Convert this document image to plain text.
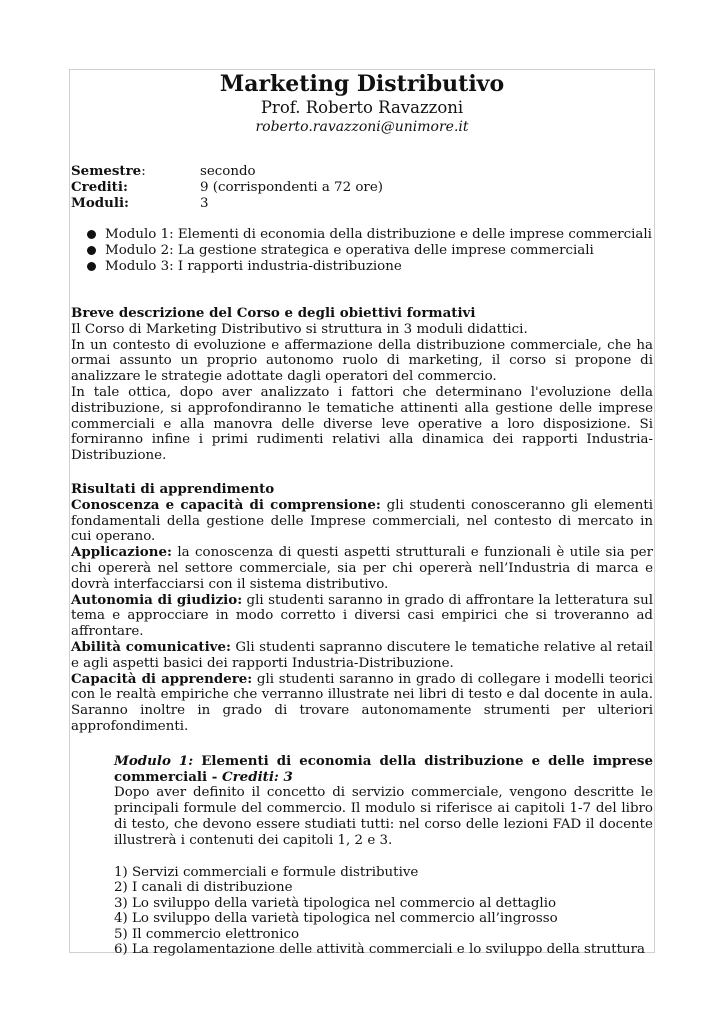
Marketing Distributivo
Prof. Roberto Ravazzoni
roberto.ravazzoni@unimore.it
Semestre:	secondo
Crediti:	9 (corrispondenti a 72 ore)
Moduli:	3
Modulo 1: Elementi di economia della distribuzione e delle imprese commerciali
Modulo 2: La gestione strategica e operativa delle imprese commerciali
Modulo 3: I rapporti industria-distribuzione
Breve descrizione del Corso e degli obiettivi formativi

Il Corso di Marketing Distributivo si struttura in 3 moduli didattici.

In un contesto di evoluzione e affermazione della distribuzione commerciale, che ha ormai assunto un proprio autonomo ruolo di marketing, il corso si propone di analizzare le strategie adottate dagli operatori del commercio.

In tale ottica, dopo aver analizzato i fattori che determinano l'evoluzione della distribuzione, si approfondiranno le tematiche attinenti alla gestione delle imprese commerciali e alla manovra delle diverse leve operative a loro disposizione. Si forniranno infine i primi rudimenti relativi alla dinamica dei rapporti Industria-Distribuzione.

Risultati di apprendimento

Conoscenza e capacità di comprensione: gli studenti conosceranno gli elementi fondamentali della gestione delle Imprese commerciali, nel contesto di mercato in cui operano.

Applicazione: la conoscenza di questi aspetti strutturali e funzionali è utile sia per chi opererà nel settore commerciale, sia per chi opererà nell’Industria di marca e dovrà interfacciarsi con il sistema distributivo.

Autonomia di giudizio: gli studenti saranno in grado di affrontare la letteratura sul tema e approcciare in modo corretto i diversi casi empirici che si troveranno ad affrontare.

Abilità comunicative: Gli studenti sapranno discutere le tematiche relative al retail e agli aspetti basici dei rapporti Industria-Distribuzione.

Capacità di apprendere: gli studenti saranno in grado di collegare i modelli teorici con le realtà empiriche che verranno illustrate nei libri di testo e dal docente in aula. Saranno inoltre in grado di trovare autonomamente strumenti per ulteriori approfondimenti.

Modulo 1: Elementi di economia della distribuzione e delle imprese commerciali - Crediti: 3

Dopo aver definito il concetto di servizio commerciale, vengono descritte le principali formule del commercio. Il modulo si riferisce ai capitoli 1-7 del libro di testo, che devono essere studiati tutti: nel corso delle lezioni FAD il docente illustrerà i contenuti dei capitoli 1, 2 e 3.

1) Servizi commerciali e formule distributive
2) I canali di distribuzione
3) Lo sviluppo della varietà tipologica nel commercio al dettaglio
4) Lo sviluppo della varietà tipologica nel commercio all’ingrosso
5) Il commercio elettronico
6) La regolamentazione delle attività commerciali e lo sviluppo della struttura
